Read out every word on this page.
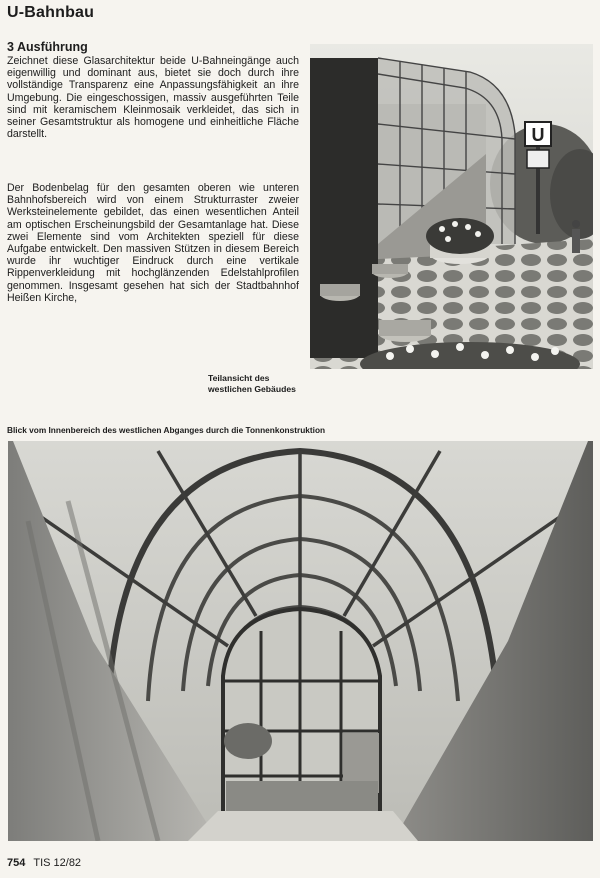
U-Bahnbau
3 Ausführung

Zeichnet diese Glasarchitektur beide U-Bahneingänge auch eigenwillig und dominant aus, bietet sie doch durch ihre vollständige Transparenz eine Anpassungsfähigkeit an ihre Umgebung. Die eingeschossigen, massiv ausgeführten Teile sind mit keramischem Kleinmosaik verkleidet, das sich in seiner Gesamtstruktur als homogene und einheitliche Fläche darstellt.

Der Bodenbelag für den gesamten oberen wie unteren Bahnhofsbereich wird von einem Strukturraster zweier Werksteinelemente gebildet, das einen wesentlichen Anteil am optischen Erscheinungsbild der Gesamtanlage hat. Diese zwei Elemente sind vom Architekten speziell für diese Aufgabe entwickelt. Den massiven Stützen in diesem Bereich wurde ihr wuchtiger Eindruck durch eine vertikale Rippenverkleidung mit hochglänzenden Edelstahlprofilen genommen. Insgesamt gesehen hat sich der Stadtbahnhof Heißen Kirche,

U
Teilansicht des
westlichen Gebäudes
Blick vom Innenbereich des westlichen Abganges durch die Tonnenkonstruktion
754 TIS 12/82
